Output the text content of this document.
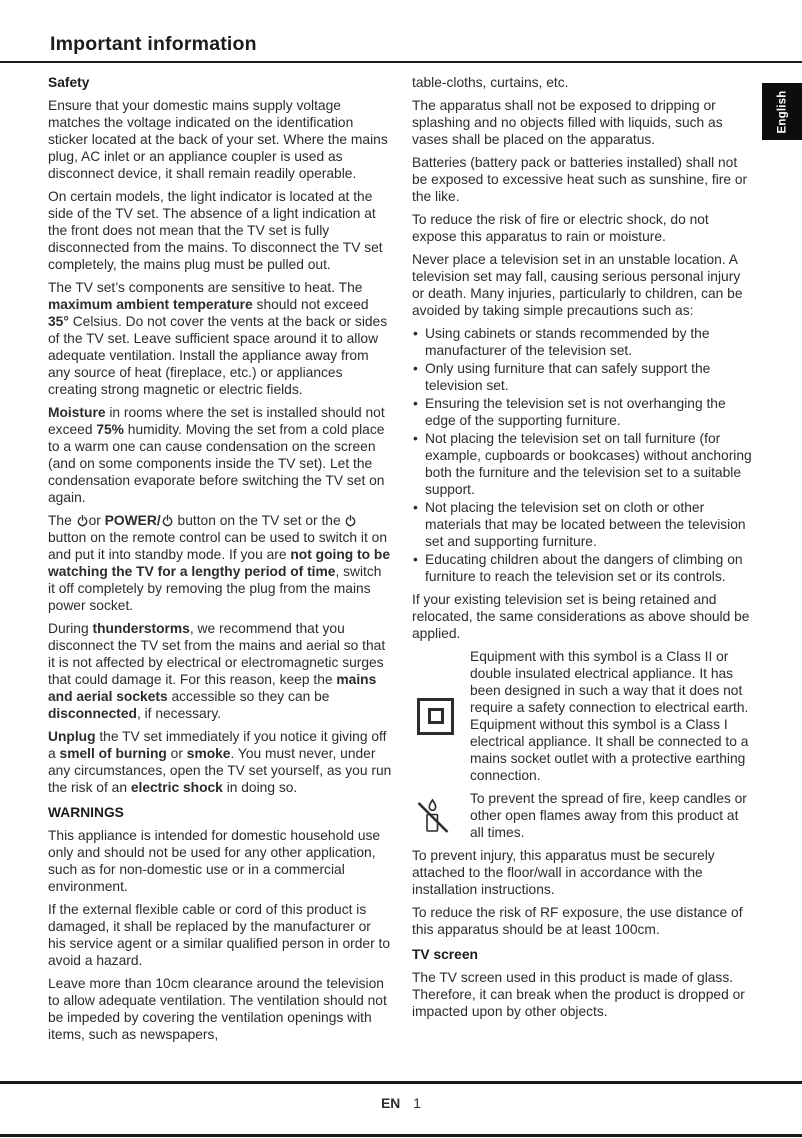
Important information
English
Safety

Ensure that your domestic mains supply voltage matches the voltage indicated on the identification sticker located at the back of your set. Where the mains plug, AC inlet or an appliance coupler is used as disconnect device, it shall remain readily operable.

On certain models, the light indicator is located at the side of the TV set. The absence of a light indication at the front does not mean that the TV set is fully disconnected from the mains. To disconnect the TV set completely, the mains plug must be pulled out.

The TV set’s components are sensitive to heat. The maximum ambient temperature should not exceed 35° Celsius. Do not cover the vents at the back or sides of the TV set. Leave sufficient space around it to allow adequate ventilation. Install the appliance away from any source of heat (fireplace, etc.) or appliances creating strong magnetic or electric fields.

Moisture in rooms where the set is installed should not exceed 75% humidity. Moving the set from a cold place to a warm one can cause condensation on the screen (and on some components inside the TV set). Let the condensation evaporate before switching the TV set on again.

The or POWER/ button on the TV set or the  button on the remote control can be used to switch it on and put it into standby mode. If you are not going to be watching the TV for a lengthy period of time, switch it off completely by removing the plug from the mains power socket.

During thunderstorms, we recommend that you disconnect the TV set from the mains and aerial so that it is not affected by electrical or electromagnetic surges that could damage it. For this reason, keep the mains and aerial sockets accessible so they can be disconnected, if necessary.

Unplug the TV set immediately if you notice it giving off a smell of burning or smoke. You must never, under any circumstances, open the TV set yourself, as you run the risk of an electric shock in doing so.

WARNINGS

This appliance is intended for domestic household use only and should not be used for any other application, such as for non-domestic use or in a commercial environment.

If the external flexible cable or cord of this product is damaged, it shall be replaced by the manufacturer or his service agent or a similar qualified person in order to avoid a hazard.

Leave more than 10cm clearance around the television to allow adequate ventilation. The ventilation should not be impeded by covering the ventilation openings with items, such as newspapers,

table-cloths, curtains, etc.

The apparatus shall not be exposed to dripping or splashing and no objects filled with liquids, such as vases shall be placed on the apparatus.

Batteries (battery pack or batteries installed) shall not be exposed to excessive heat such as sunshine, fire or the like.

To reduce the risk of fire or electric shock, do not expose this apparatus to rain or moisture.

Never place a television set in an unstable location. A television set may fall, causing serious personal injury or death. Many injuries, particularly to children, can be avoided by taking simple precautions such as:

• Using cabinets or stands recommended by the manufacturer of the television set.
• Only using furniture that can safely support the television set.
• Ensuring the television set is not overhanging the edge of the supporting furniture.
• Not placing the television set on tall furniture (for example, cupboards or bookcases) without anchoring both the furniture and the television set to a suitable support.
• Not placing the television set on cloth or other materials that may be located between the television set and supporting furniture.
• Educating children about the dangers of climbing on furniture to reach the television set or its controls.

If your existing television set is being retained and relocated, the same considerations as above should be applied.

Equipment with this symbol is a Class II or double insulated electrical appliance. It has been designed in such a way that it does not require a safety connection to electrical earth. Equipment without this symbol is a Class I electrical appliance. It shall be connected to a mains socket outlet with a protective earthing connection.
To prevent the spread of fire, keep candles or other open flames away from this product at all times.

To prevent injury, this apparatus must be securely attached to the floor/wall in accordance with the installation instructions.

To reduce the risk of RF exposure, the use distance of this apparatus should be at least 100cm.

TV screen

The TV screen used in this product is made of glass. Therefore, it can break when the product is dropped or impacted upon by other objects.

EN 1
